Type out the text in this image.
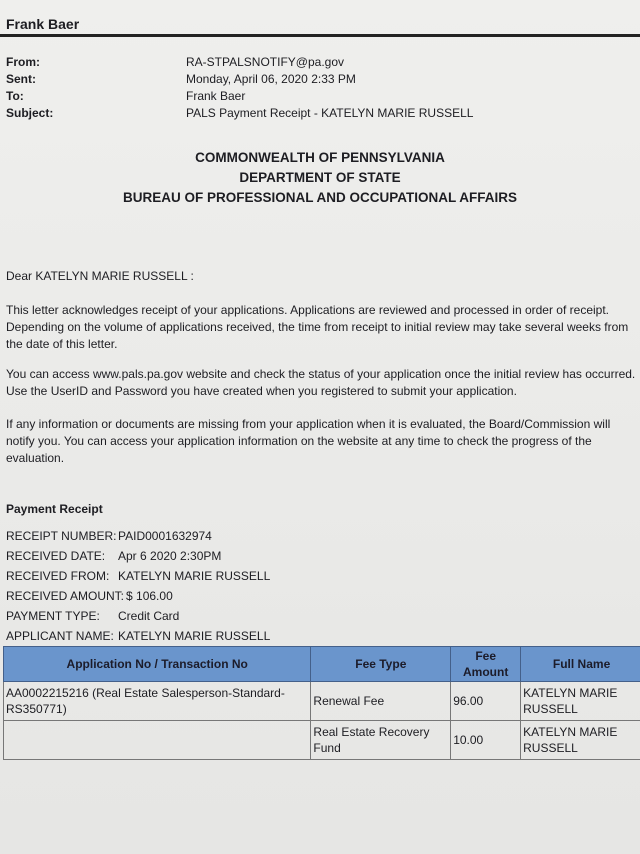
Frank Baer
From:	RA-STPALSNOTIFY@pa.gov
Sent:	Monday, April 06, 2020 2:33 PM
To:	Frank Baer
Subject:	PALS Payment Receipt - KATELYN MARIE RUSSELL
COMMONWEALTH OF PENNSYLVANIA
DEPARTMENT OF STATE
BUREAU OF PROFESSIONAL AND OCCUPATIONAL AFFAIRS
Dear KATELYN MARIE RUSSELL :
This letter acknowledges receipt of your applications. Applications are reviewed and processed in order of receipt. Depending on the volume of applications received, the time from receipt to initial review may take several weeks from the date of this letter.
You can access www.pals.pa.gov website and check the status of your application once the initial review has occurred. Use the UserID and Password you have created when you registered to submit your application.
If any information or documents are missing from your application when it is evaluated, the Board/Commission will notify you. You can access your application information on the website at any time to check the progress of the evaluation.
Payment Receipt
RECEIPT NUMBER: PAID0001632974
RECEIVED DATE:	Apr 6 2020 2:30PM
RECEIVED FROM: KATELYN MARIE RUSSELL
RECEIVED AMOUNT: $ 106.00
PAYMENT TYPE:	Credit Card
APPLICANT NAME: KATELYN MARIE RUSSELL
Application No / Transaction No	Fee Type	Fee Amount	Full Name
AA0002215216 (Real Estate Salesperson-Standard-RS350771)	Renewal Fee	96.00	KATELYN MARIE RUSSELL
	Real Estate Recovery Fund	10.00	KATELYN MARIE RUSSELL
